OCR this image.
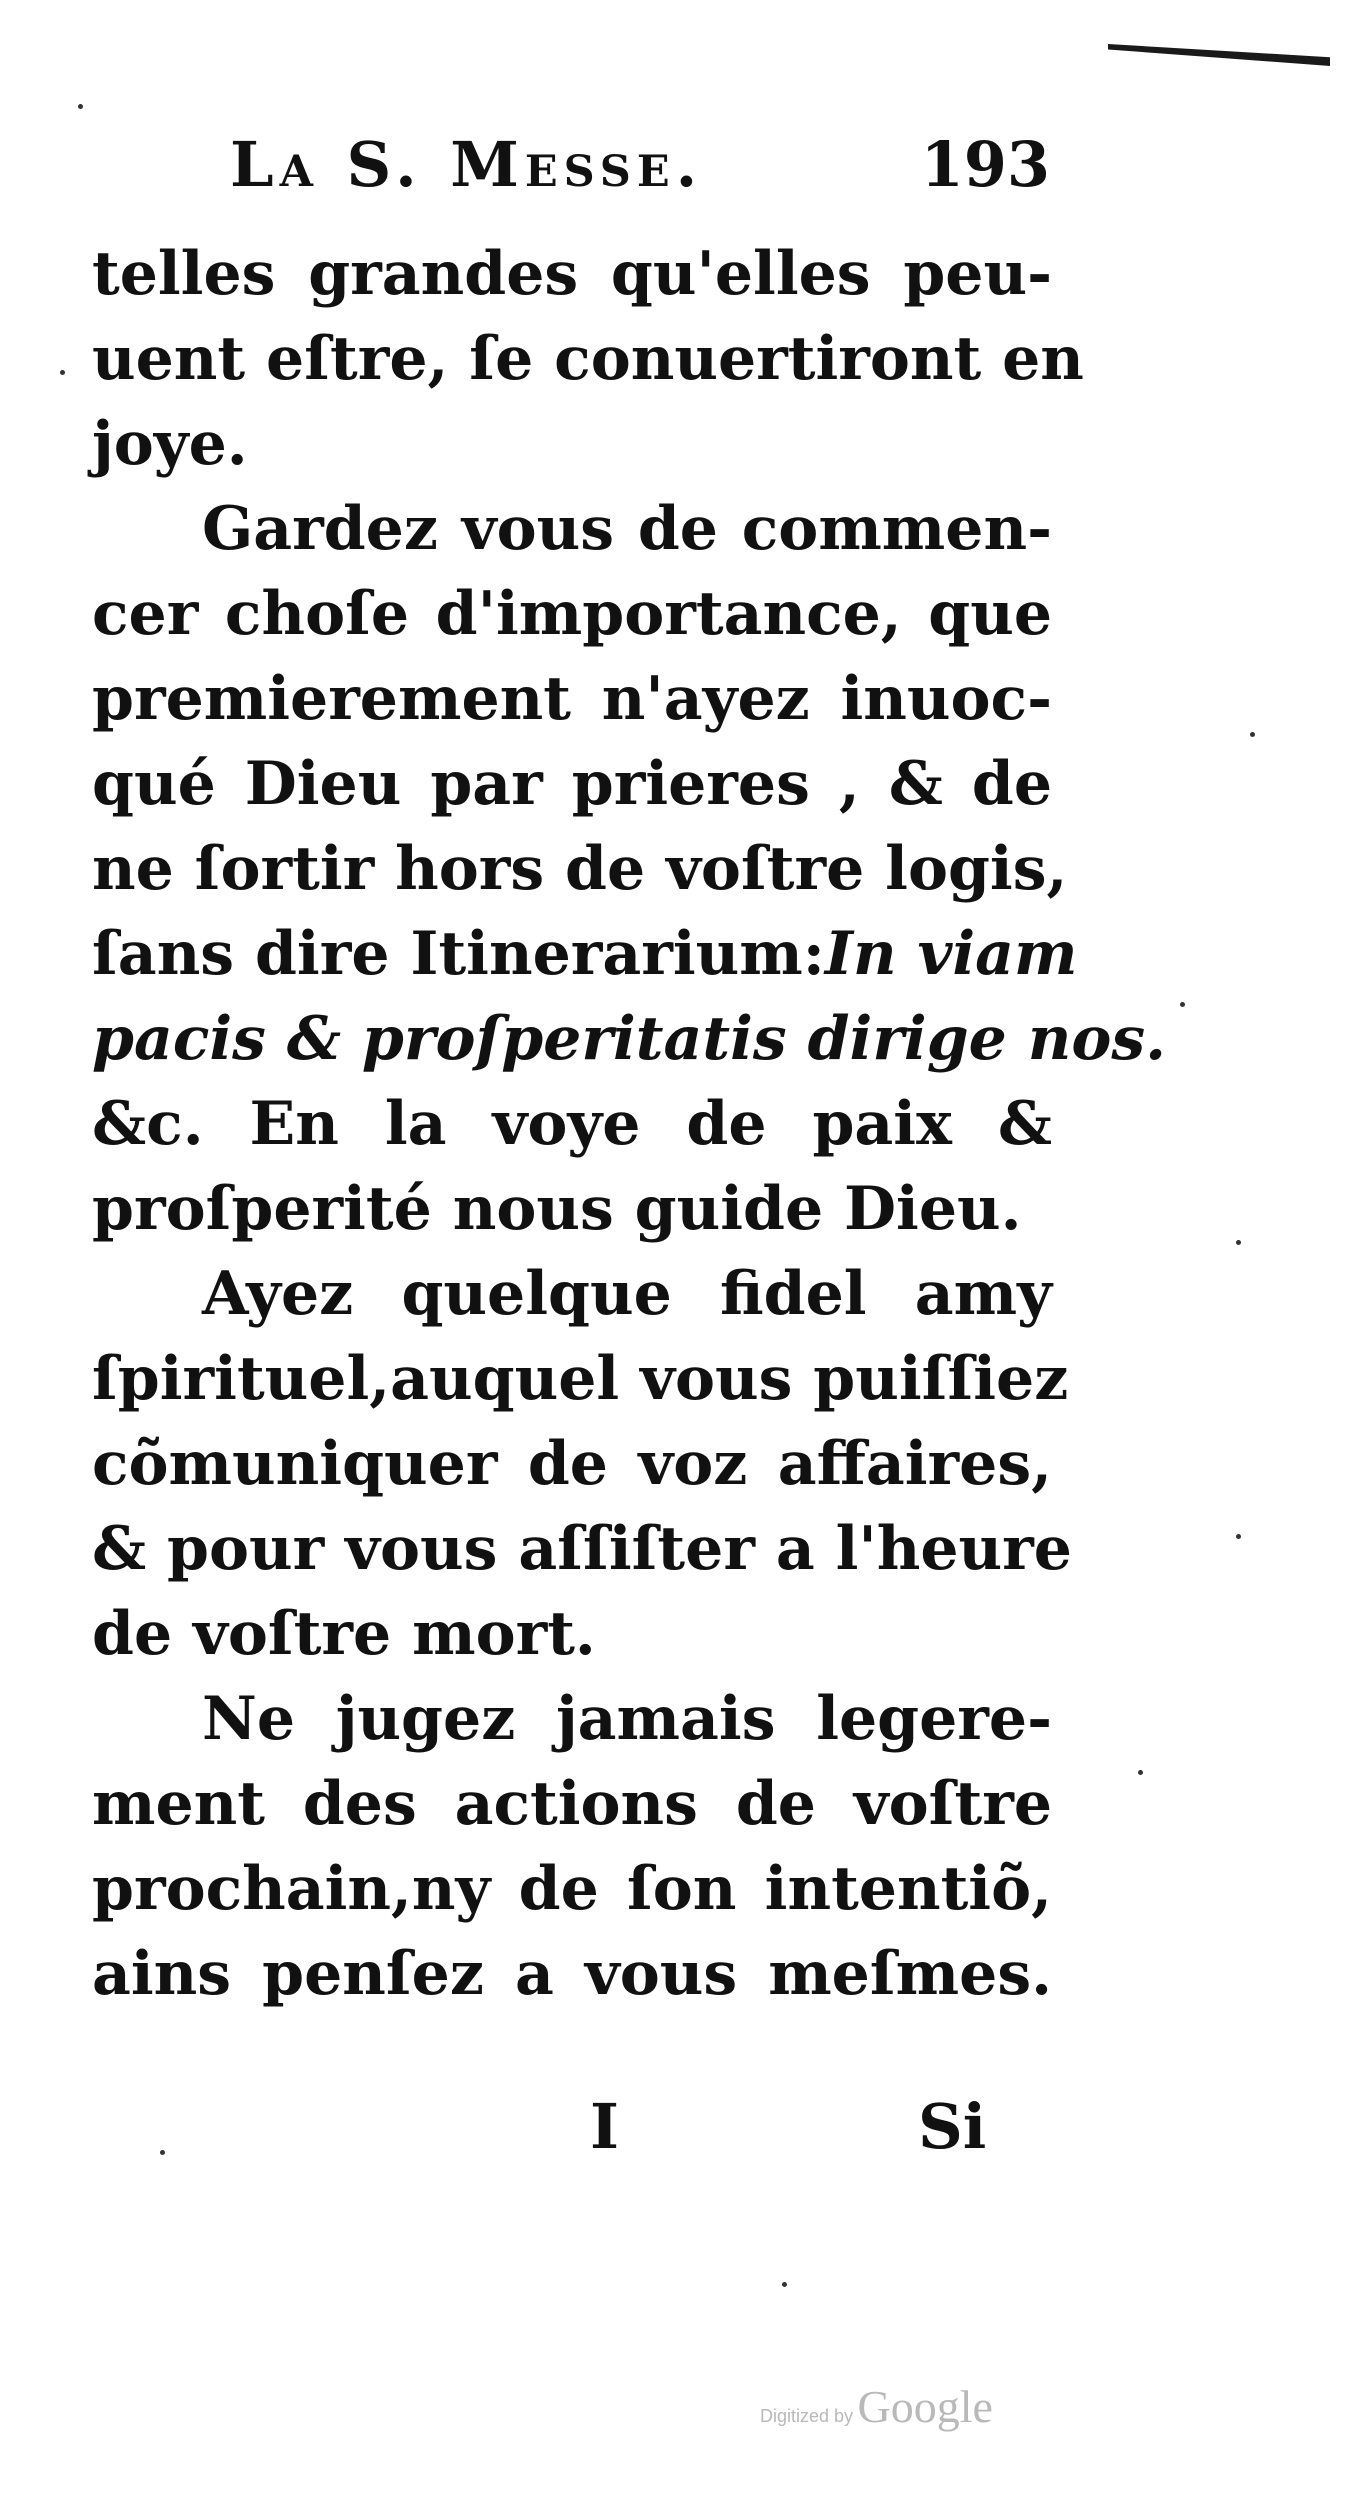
La S. Messe.	193
telles grandes qu'elles peu-
uent eſtre, ſe conuertiront en
joye.
Gardez vous de commen-
cer choſe d'importance, que
premierement n'ayez inuoc-
qué Dieu par prieres , & de
ne ſortir hors de voſtre logis,
ſans dire Itinerarium:In viam
pacis & proſperitatis dirige nos.
&c. En la voye de paix &
proſperité nous guide Dieu.
Ayez quelque fidel amy
ſpirituel,auquel vous puiſſiez
cõmuniquer de voz affaires,
& pour vous aſſiſter a l'heure
de voſtre mort.
Ne jugez jamais legere-
ment des actions de voſtre
prochain,ny de ſon intentiõ,
ains penſez a vous meſmes.
I	Si
Digitized by Google
